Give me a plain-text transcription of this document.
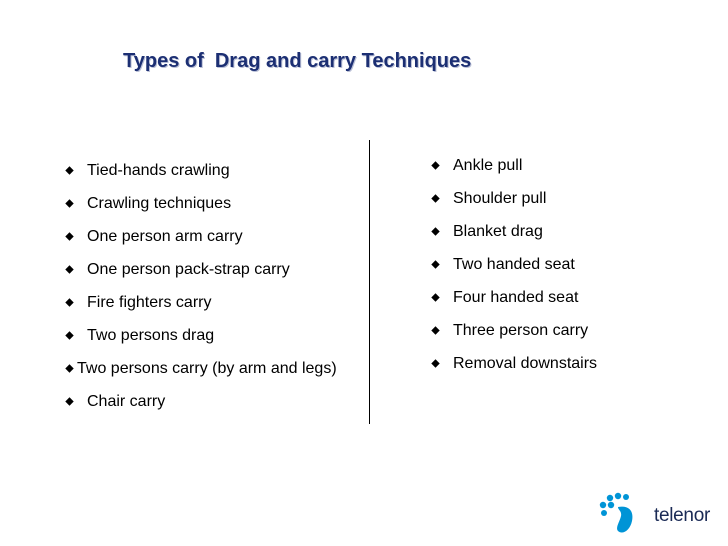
Types of  Drag and carry Techniques
Tied-hands crawling
Crawling techniques
One person arm carry
One person pack-strap carry
Fire fighters carry
Two persons drag
Two persons carry (by arm and legs)
Chair carry
Ankle pull
Shoulder pull
Blanket drag
Two handed seat
Four handed seat
Three person carry
Removal downstairs
telenor
